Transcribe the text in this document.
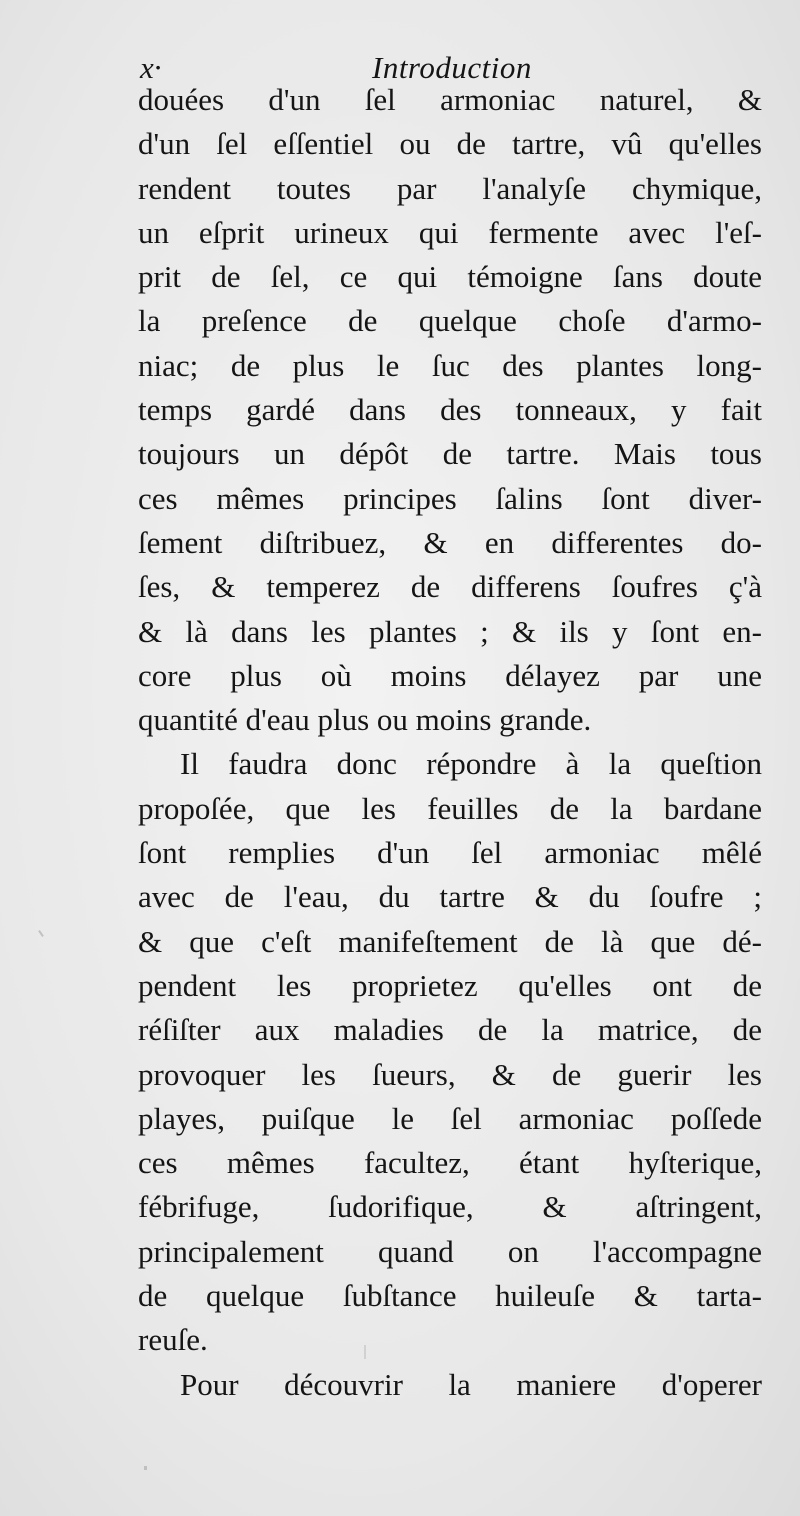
x·	Introduction
douées d'un ſel armoniac naturel, &
d'un ſel eſſentiel ou de tartre, vû qu'elles
rendent toutes par l'analyſe chymique,
un eſprit urineux qui fermente avec l'eſ-
prit de ſel, ce qui témoigne ſans doute
la preſence de quelque choſe d'armo-
niac; de plus le ſuc des plantes long-
temps gardé dans des tonneaux, y fait
toujours un dépôt de tartre. Mais tous
ces mêmes principes ſalins ſont diver-
ſement diſtribuez, & en differentes do-
ſes, & temperez de differens ſoufres ç'à
& là dans les plantes ; & ils y ſont en-
core plus où moins délayez par une
quantité d'eau plus ou moins grande.
Il faudra donc répondre à la queſtion
propoſée, que les feuilles de la bardane
ſont remplies d'un ſel armoniac mêlé
avec de l'eau, du tartre & du ſoufre ;
& que c'eſt manifeſtement de là que dé-
pendent les proprietez qu'elles ont de
réſiſter aux maladies de la matrice, de
provoquer les ſueurs, & de guerir les
playes, puiſque le ſel armoniac poſſede
ces mêmes facultez, étant hyſterique,
fébrifuge, ſudorifique, & aſtringent,
principalement quand on l'accompagne
de quelque ſubſtance huileuſe & tarta-
reuſe.
Pour découvrir la maniere d'operer
